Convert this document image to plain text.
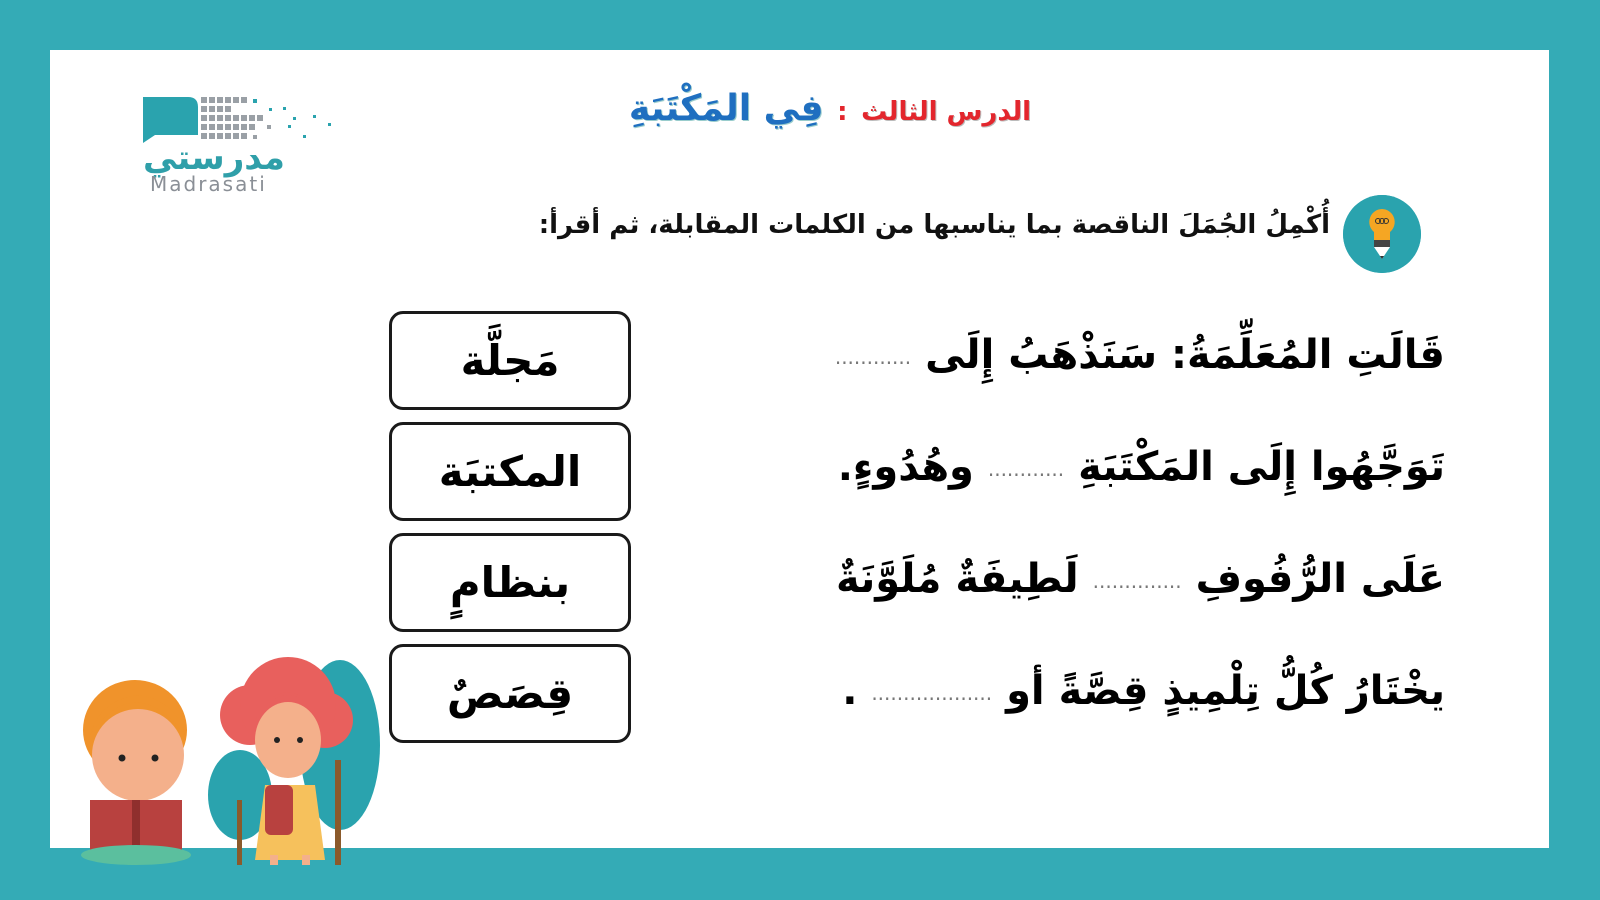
مدرستي
Madrasati
الدرس الثالث : فِي المَكْتَبَةِ
أُكْمِلُ الجُمَلَ الناقصة بما يناسبها من الكلمات المقابلة، ثم أقرأ:
قَالَتِ المُعَلِّمَةُ: سَنَذْهَبُ إِلَى ............
تَوَجَّهُوا إِلَى المَكْتَبَةِ ............ وهُدُوءٍ.
عَلَى الرُّفُوفِ .............. لَطِيفَةٌ مُلَوَّنَةٌ
يخْتَارُ كُلُّ تِلْمِيذٍ قِصَّةً أو ................... .
مَجلَّة
المكتبَة
بنظامٍ
قِصَصٌ
